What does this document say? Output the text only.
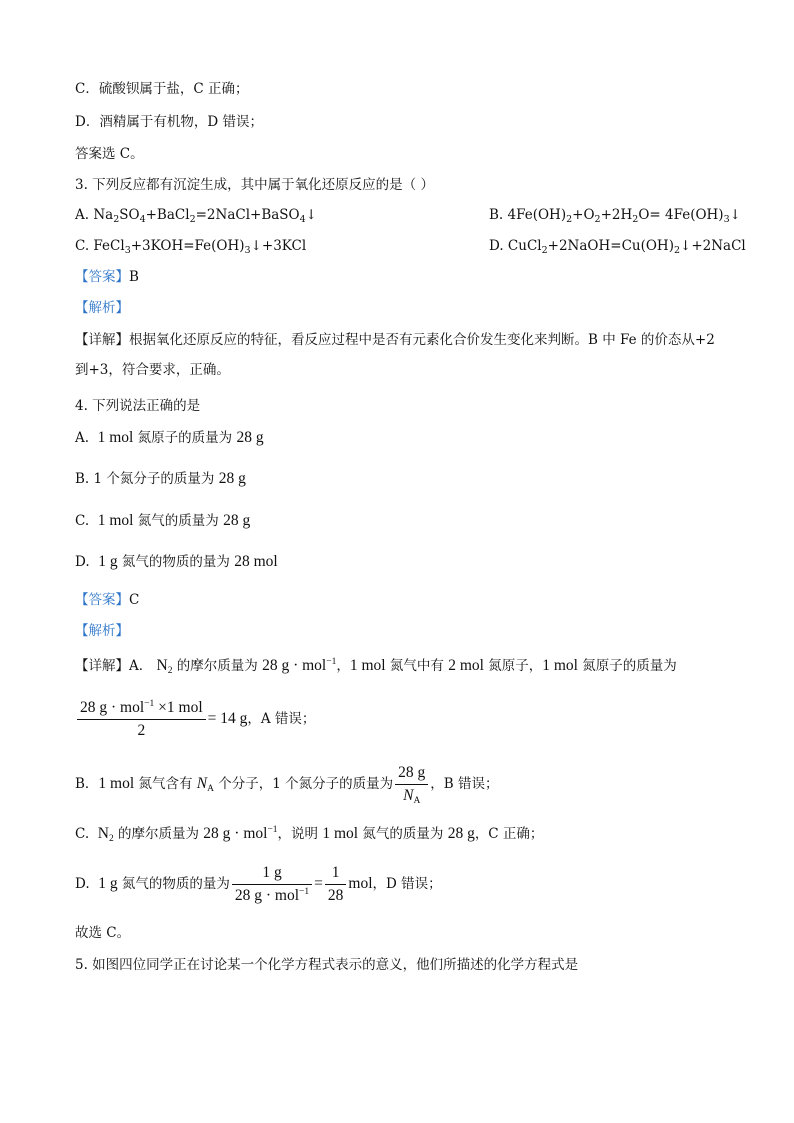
C．硫酸钡属于盐，C 正确；
D．酒精属于有机物，D 错误；
答案选 C。
3. 下列反应都有沉淀生成，其中属于氧化还原反应的是（ ）
A. $Na_2SO_4+BaCl_2=2NaCl+BaSO_4↓$	B. $4Fe(OH)_2+O_2+2H_2O=$ $4Fe(OH)_3↓$
C. $FeCl_3+3KOH=Fe(OH)_3↓+3KCl$	D. $CuCl_2+2NaOH=Cu(OH)_2↓+2NaCl$
【答案】B
【解析】
【详解】根据氧化还原反应的特征，看反应过程中是否有元素化合价发生变化来判断。B 中 Fe 的价态从+2
到+3，符合要求，正确。
4. 下列说法正确的是
A.  1 mol 氮原子的质量为 28 g
B. 1 个氮分子的质量为 28 g
C.  1 mol 氮气的质量为 28 g
D.  1 g 氮气的物质的量为 28 mol
【答案】C
【解析】
【详解】A． $N_2$ 的摩尔质量为 28 g · mol$^{-1}$，1 mol 氮气中有 2 mol 氮原子，1 mol 氮原子的质量为
$\frac{28 g \cdot mol^{-1} \times 1 mol}{2} = 14$ g，A 错误；
B．1 mol 氮气含有 $N_A$ 个分子，1 个氮分子的质量为 $\frac{28 g}{N_A}$ ，B 错误；
C.  $N_2$ 的摩尔质量为 28 g · mol$^{-1}$，说明 1 mol 氮气的质量为 28 g，C 正确；
D.  1 g 氮气的物质的量为 $\frac{1 g}{28 g \cdot mol^{-1}} = \frac{1}{28}$ mol，D 错误；
故选 C。
5. 如图四位同学正在讨论某一个化学方程式表示的意义，他们所描述的化学方程式是
